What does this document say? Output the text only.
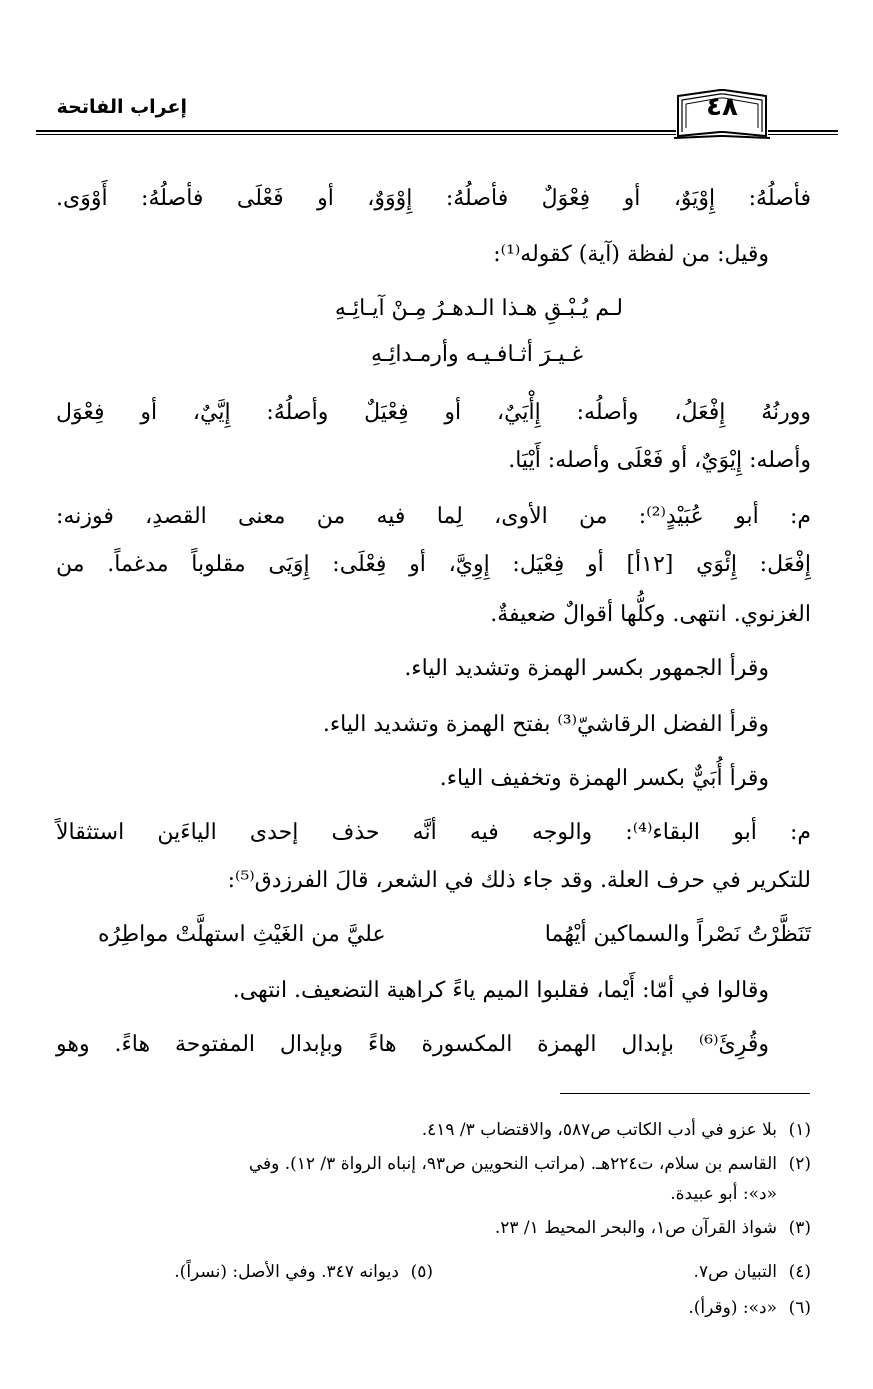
إعراب الفاتحة	٤٨
فأصلُهُ: إِوْيَوٌ، أو فِعْوَلٌ فأصلُهُ: إِوْوَوٌ، أو فَعْلَى فأصلُهُ: أَوْوَى.
وقيل: من لفظة (آية) كقوله⁽¹⁾:
لـم يُـبْـقِ هـذا الـدهـرُ مِـنْ آيـائِـهِ
غـيـرَ أثـافـيـه وأرمـدائِـهِ
وورنُهُ إِفْعَلُ، وأصلُه: إِأْيَيٌ، أو فِعْيَلٌ وأصلُهُ: إِيَّيٌ، أو فِعْوَل
وأصله: إِيْوَيٌ، أو فَعْلَى وأصله: أَيْيَا.
م: أبو عُبَيْدٍ⁽²⁾: من الأوى، لِما فيه من معنى القصدِ، فوزنه:
إِفْعَل: إِئْوَي [١٢أ] أو فِعْيَل: إِوِيَّ، أو فِعْلَى: إِوَيَى مقلوباً مدغماً. من
الغزنوي. انتهى. وكلُّها أقوالٌ ضعيفةٌ.
وقرأ الجمهور بكسر الهمزة وتشديد الياء.
وقرأ الفضل الرقاشيّ⁽³⁾ بفتح الهمزة وتشديد الياء.
وقرأ أُبَيٌّ بكسر الهمزة وتخفيف الياء.
م: أبو البقاء⁽⁴⁾: والوجه فيه أنَّه حذف إحدى الياءَين استثقالاً
للتكرير في حرف العلة. وقد جاء ذلك في الشعر، قالَ الفرزدق⁽⁵⁾:
تَنَظَّرْتُ نَصْراً والسماكين أيْهُما
عليَّ من الغَيْثِ استهلَّتْ مواطِرُه
وقالوا في أمّا: أَيْما، فقلبوا الميم ياءً كراهية التضعيف. انتهى.
وقُرِئَ⁽⁶⁾ بإبدال الهمزة المكسورة هاءً وبإبدال المفتوحة هاءً. وهو
(١)بلا عزو في أدب الكاتب ص٥٨٧، والاقتضاب ٣/ ٤١٩.
(٢)القاسم بن سلام، ت٢٢٤هـ. (مراتب النحويين ص٩٣، إنباه الرواة ٣/ ١٢). وفي
«د»: أبو عبيدة.
(٣)شواذ القرآن ص١، والبحر المحيط ١/ ٢٣.
(٤)التبيان ص٧.
(٥)ديوانه ٣٤٧. وفي الأصل: (نسراً).
(٦)«د»: (وقرأ).
